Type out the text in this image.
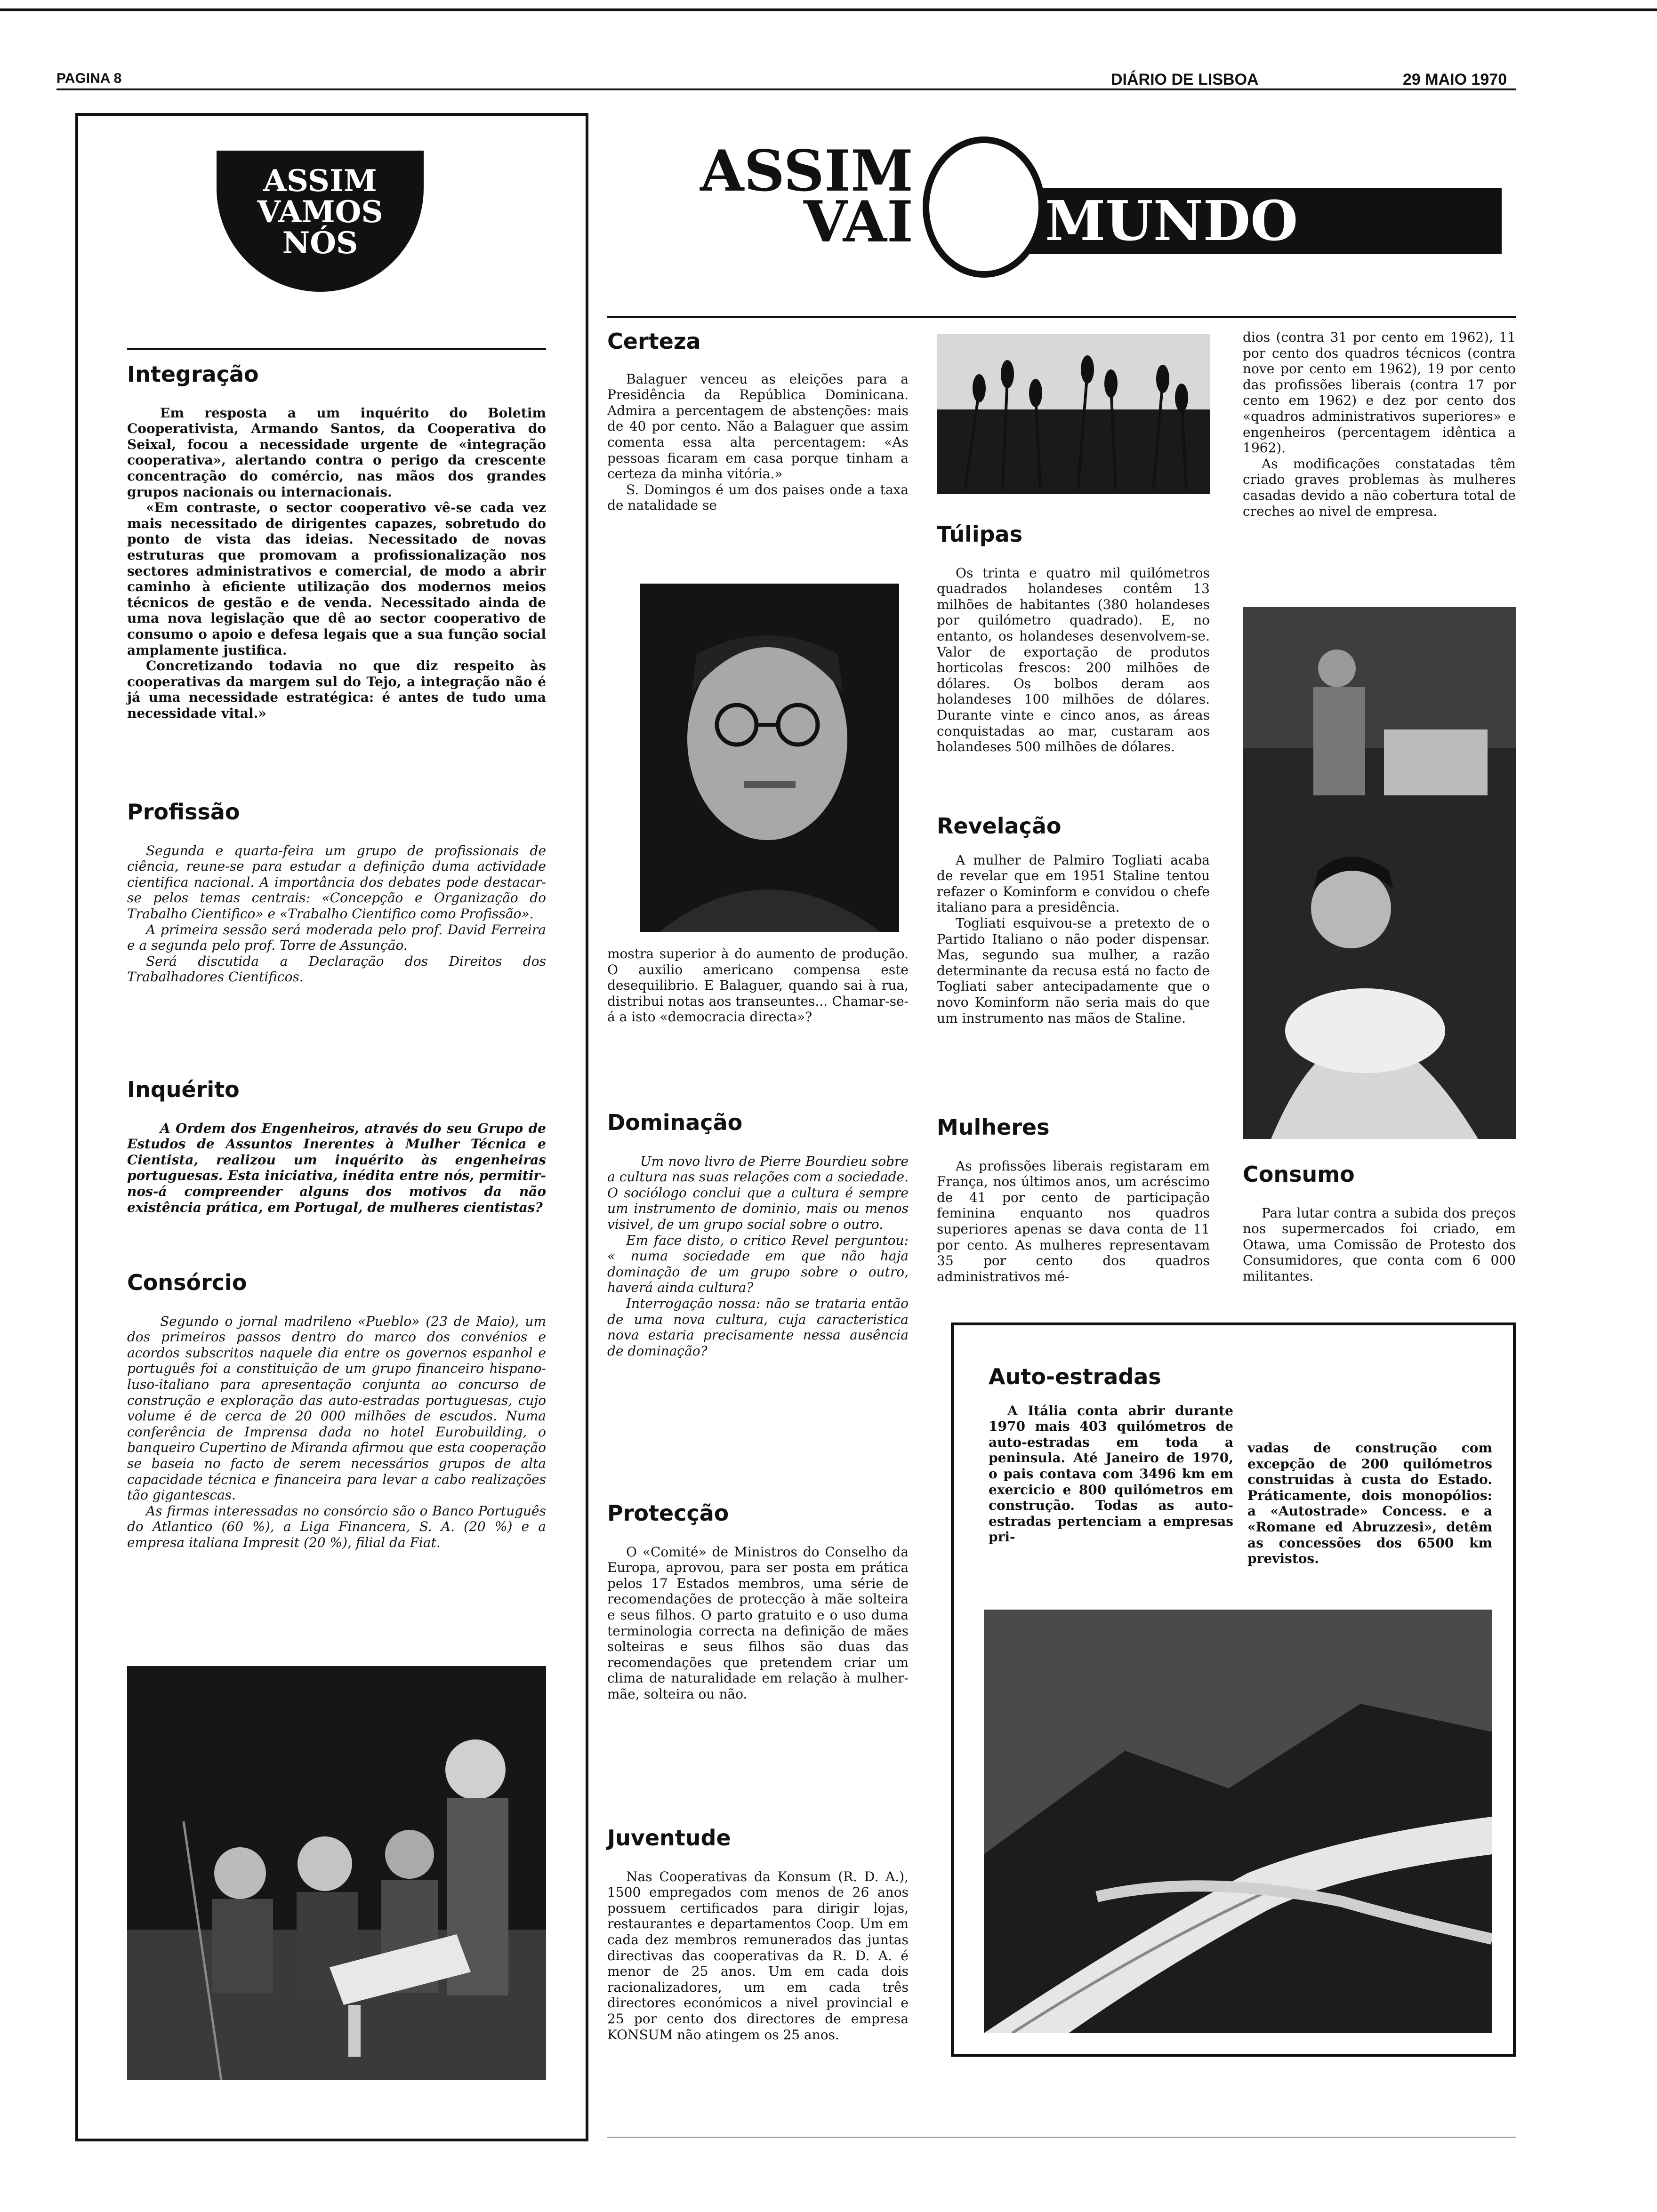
PAGINA 8	DIÁRIO DE LISBOA	29 MAIO 1970
ASSIM
VAMOS
NÓS
Integração

Em resposta a um inquérito do Boletim Cooperativista, Armando Santos, da Cooperativa do Seixal, focou a necessidade urgente de «integração cooperativa», alertando contra o perigo da crescente concentração do comércio, nas mãos dos grandes grupos nacionais ou internacionais.

«Em contraste, o sector cooperativo vê-se cada vez mais necessitado de dirigentes capazes, sobretudo do ponto de vista das ideias. Necessitado de novas estruturas que promovam a profissionalização nos sectores administrativos e comercial, de modo a abrir caminho à eficiente utilização dos modernos meios técnicos de gestão e de venda. Necessitado ainda de uma nova legislação que dê ao sector cooperativo de consumo o apoio e defesa legais que a sua função social amplamente justifica.

Concretizando todavia no que diz respeito às cooperativas da margem sul do Tejo, a integração não é já uma necessidade estratégica: é antes de tudo uma necessidade vital.»

Profissão

Segunda e quarta-feira um grupo de profissionais de ciência, reune-se para estudar a definição duma actividade cientifica nacional. A importância dos debates pode destacar-se pelos temas centrais: «Concepção e Organização do Trabalho Cientifico» e «Trabalho Cientifico como Profissão».

A primeira sessão será moderada pelo prof. David Ferreira e a segunda pelo prof. Torre de Assunção.

Será discutida a Declaração dos Direitos dos Trabalhadores Cientificos.

Inquérito

A Ordem dos Engenheiros, através do seu Grupo de Estudos de Assuntos Inerentes à Mulher Técnica e Cientista, realizou um inquérito às engenheiras portuguesas. Esta iniciativa, inédita entre nós, permitir-nos-á compreender alguns dos motivos da não existência prática, em Portugal, de mulheres cientistas?

Consórcio

Segundo o jornal madrileno «Pueblo» (23 de Maio), um dos primeiros passos dentro do marco dos convénios e acordos subscritos naquele dia entre os governos espanhol e português foi a constituição de um grupo financeiro hispano-luso-italiano para apresentação conjunta ao concurso de construção e exploração das auto-estradas portuguesas, cujo volume é de cerca de 20 000 milhões de escudos. Numa conferência de Imprensa dada no hotel Eurobuilding, o banqueiro Cupertino de Miranda afirmou que esta cooperação se baseia no facto de serem necessários grupos de alta capacidade técnica e financeira para levar a cabo realizações tão gigantescas.

As firmas interessadas no consórcio são o Banco Português do Atlantico (60 %), a Liga Financera, S. A. (20 %) e a empresa italiana Impresit (20 %), filial da Fiat.

ASSIM
VAI	MUNDO
Certeza

Balaguer venceu as eleições para a Presidência da República Dominicana. Admira a percentagem de abstenções: mais de 40 por cento. Não a Balaguer que assim comenta essa alta percentagem: «As pessoas ficaram em casa porque tinham a certeza da minha vitória.»

S. Domingos é um dos paises onde a taxa de natalidade se

mostra superior à do aumento de produção. O auxilio americano compensa este desequilibrio. E Balaguer, quando sai à rua, distribui notas aos transeuntes... Chamar-se-á a isto «democracia directa»?

Dominação

Um novo livro de Pierre Bourdieu sobre a cultura nas suas relações com a sociedade. O sociólogo conclui que a cultura é sempre um instrumento de dominio, mais ou menos visivel, de um grupo social sobre o outro.

Em face disto, o critico Revel perguntou: « numa sociedade em que não haja dominação de um grupo sobre o outro, haverá ainda cultura?

Interrogação nossa: não se trataria então de uma nova cultura, cuja caracteristica nova estaria precisamente nessa ausência de dominação?

Protecção

O «Comité» de Ministros do Conselho da Europa, aprovou, para ser posta em prática pelos 17 Estados membros, uma série de recomendações de protecção à mãe solteira e seus filhos. O parto gratuito e o uso duma terminologia correcta na definição de mães solteiras e seus filhos são duas das recomendações que pretendem criar um clima de naturalidade em relação à mulher-mãe, solteira ou não.

Juventude

Nas Cooperativas da Konsum (R. D. A.), 1500 empregados com menos de 26 anos possuem certificados para dirigir lojas, restaurantes e departamentos Coop. Um em cada dez membros remunerados das juntas directivas das cooperativas da R. D. A. é menor de 25 anos. Um em cada dois racionalizadores, um em cada três directores económicos a nivel provincial e 25 por cento dos directores de empresa KONSUM não atingem os 25 anos.

Túlipas

Os trinta e quatro mil quilómetros quadrados holandeses contêm 13 milhões de habitantes (380 holandeses por quilómetro quadrado). E, no entanto, os holandeses desenvolvem-se. Valor de exportação de produtos horticolas frescos: 200 milhões de dólares. Os bolbos deram aos holandeses 100 milhões de dólares. Durante vinte e cinco anos, as áreas conquistadas ao mar, custaram aos holandeses 500 milhões de dólares.

Revelação

A mulher de Palmiro Togliati acaba de revelar que em 1951 Staline tentou refazer o Kominform e convidou o chefe italiano para a presidência.

Togliati esquivou-se a pretexto de o Partido Italiano o não poder dispensar. Mas, segundo sua mulher, a razão determinante da recusa está no facto de Togliati saber antecipadamente que o novo Kominform não seria mais do que um instrumento nas mãos de Staline.

Mulheres

As profissões liberais registaram em França, nos últimos anos, um acréscimo de 41 por cento de participação feminina enquanto nos quadros superiores apenas se dava conta de 11 por cento. As mulheres representavam 35 por cento dos quadros administrativos mé-

dios (contra 31 por cento em 1962), 11 por cento dos quadros técnicos (contra nove por cento em 1962), 19 por cento das profissões liberais (contra 17 por cento em 1962) e dez por cento dos «quadros administrativos superiores» e engenheiros (percentagem idêntica a 1962).

As modificações constatadas têm criado graves problemas às mulheres casadas devido a não cobertura total de creches ao nivel de empresa.

Consumo

Para lutar contra a subida dos preços nos supermercados foi criado, em Otawa, uma Comissão de Protesto dos Consumidores, que conta com 6 000 militantes.

Auto-estradas

A Itália conta abrir durante 1970 mais 403 quilómetros de auto-estradas em toda a peninsula. Até Janeiro de 1970, o pais contava com 3496 km em exercicio e 800 quilómetros em construção. Todas as auto-estradas pertenciam a empresas pri-

vadas de construção com excepção de 200 quilómetros construidas à custa do Estado. Práticamente, dois monopólios: a «Autostrade» Concess. e a «Romane ed Abruzzesi», detêm as concessões dos 6500 km previstos.
